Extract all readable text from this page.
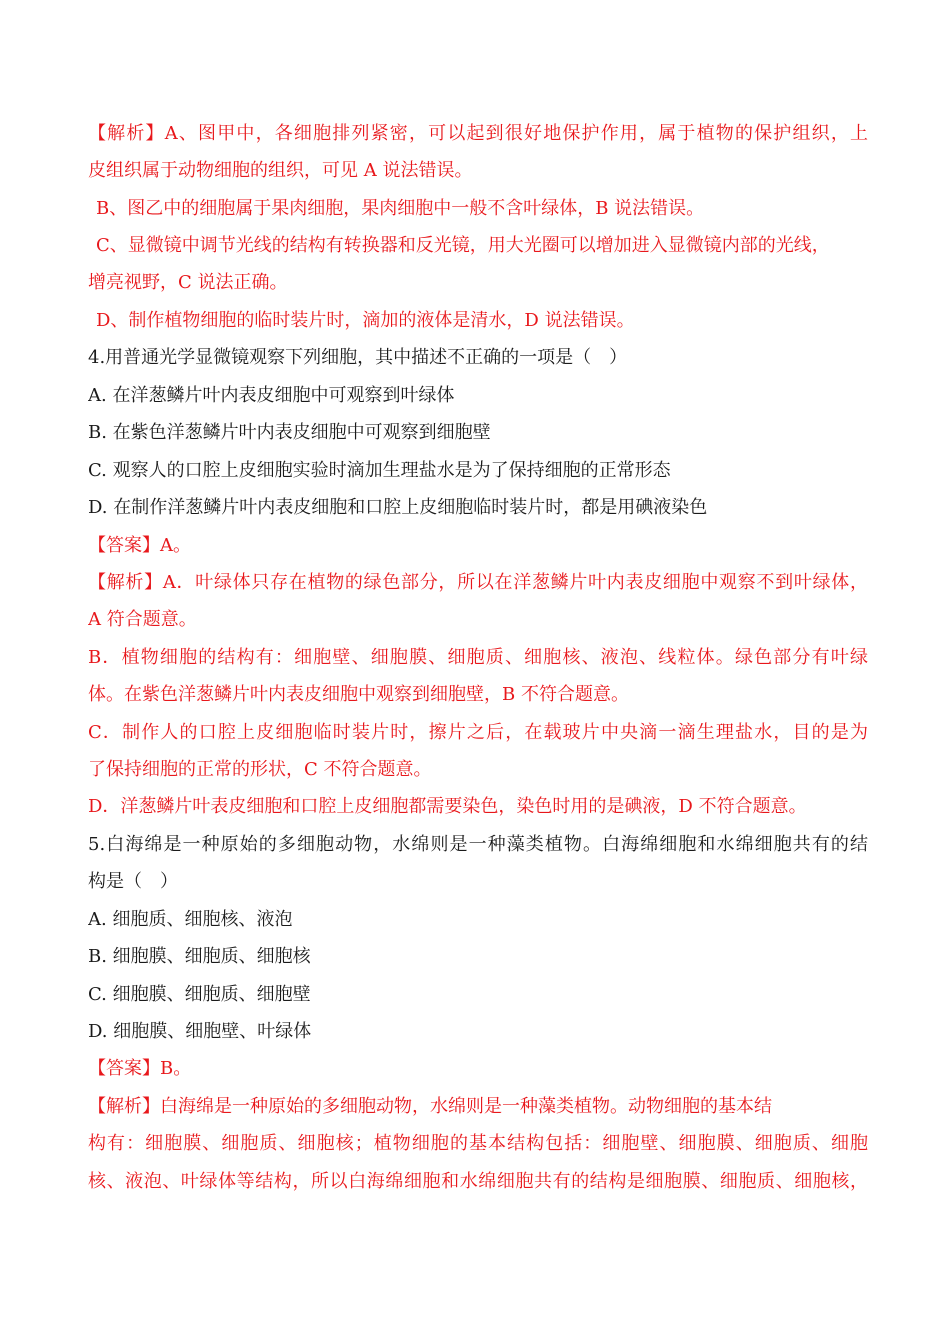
【解析】A、图甲中，各细胞排列紧密，可以起到很好地保护作用，属于植物的保护组织，上
皮组织属于动物细胞的组织，可见 A 说法错误。
B、图乙中的细胞属于果肉细胞，果肉细胞中一般不含叶绿体，B 说法错误。
C、显微镜中调节光线的结构有转换器和反光镜，用大光圈可以增加进入显微镜内部的光线，
增亮视野，C 说法正确。
D、制作植物细胞的临时装片时，滴加的液体是清水，D 说法错误。
4.用普通光学显微镜观察下列细胞，其中描述不正确的一项是（　）
A. 在洋葱鳞片叶内表皮细胞中可观察到叶绿体
B. 在紫色洋葱鳞片叶内表皮细胞中可观察到细胞壁
C. 观察人的口腔上皮细胞实验时滴加生理盐水是为了保持细胞的正常形态
D. 在制作洋葱鳞片叶内表皮细胞和口腔上皮细胞临时装片时，都是用碘液染色
【答案】A。
【解析】A．叶绿体只存在植物的绿色部分，所以在洋葱鳞片叶内表皮细胞中观察不到叶绿体，
A 符合题意。
B．植物细胞的结构有：细胞壁、细胞膜、细胞质、细胞核、液泡、线粒体。绿色部分有叶绿
体。在紫色洋葱鳞片叶内表皮细胞中观察到细胞壁，B 不符合题意。
C．制作人的口腔上皮细胞临时装片时，擦片之后，在载玻片中央滴一滴生理盐水，目的是为
了保持细胞的正常的形状，C 不符合题意。
D．洋葱鳞片叶表皮细胞和口腔上皮细胞都需要染色，染色时用的是碘液，D 不符合题意。
5.白海绵是一种原始的多细胞动物，水绵则是一种藻类植物。白海绵细胞和水绵细胞共有的结
构是（　）
A. 细胞质、细胞核、液泡
B. 细胞膜、细胞质、细胞核
C. 细胞膜、细胞质、细胞壁
D. 细胞膜、细胞壁、叶绿体
【答案】B。
【解析】白海绵是一种原始的多细胞动物，水绵则是一种藻类植物。动物细胞的基本结
构有：细胞膜、细胞质、细胞核；植物细胞的基本结构包括：细胞壁、细胞膜、细胞质、细胞
核、液泡、叶绿体等结构，所以白海绵细胞和水绵细胞共有的结构是细胞膜、细胞质、细胞核，
